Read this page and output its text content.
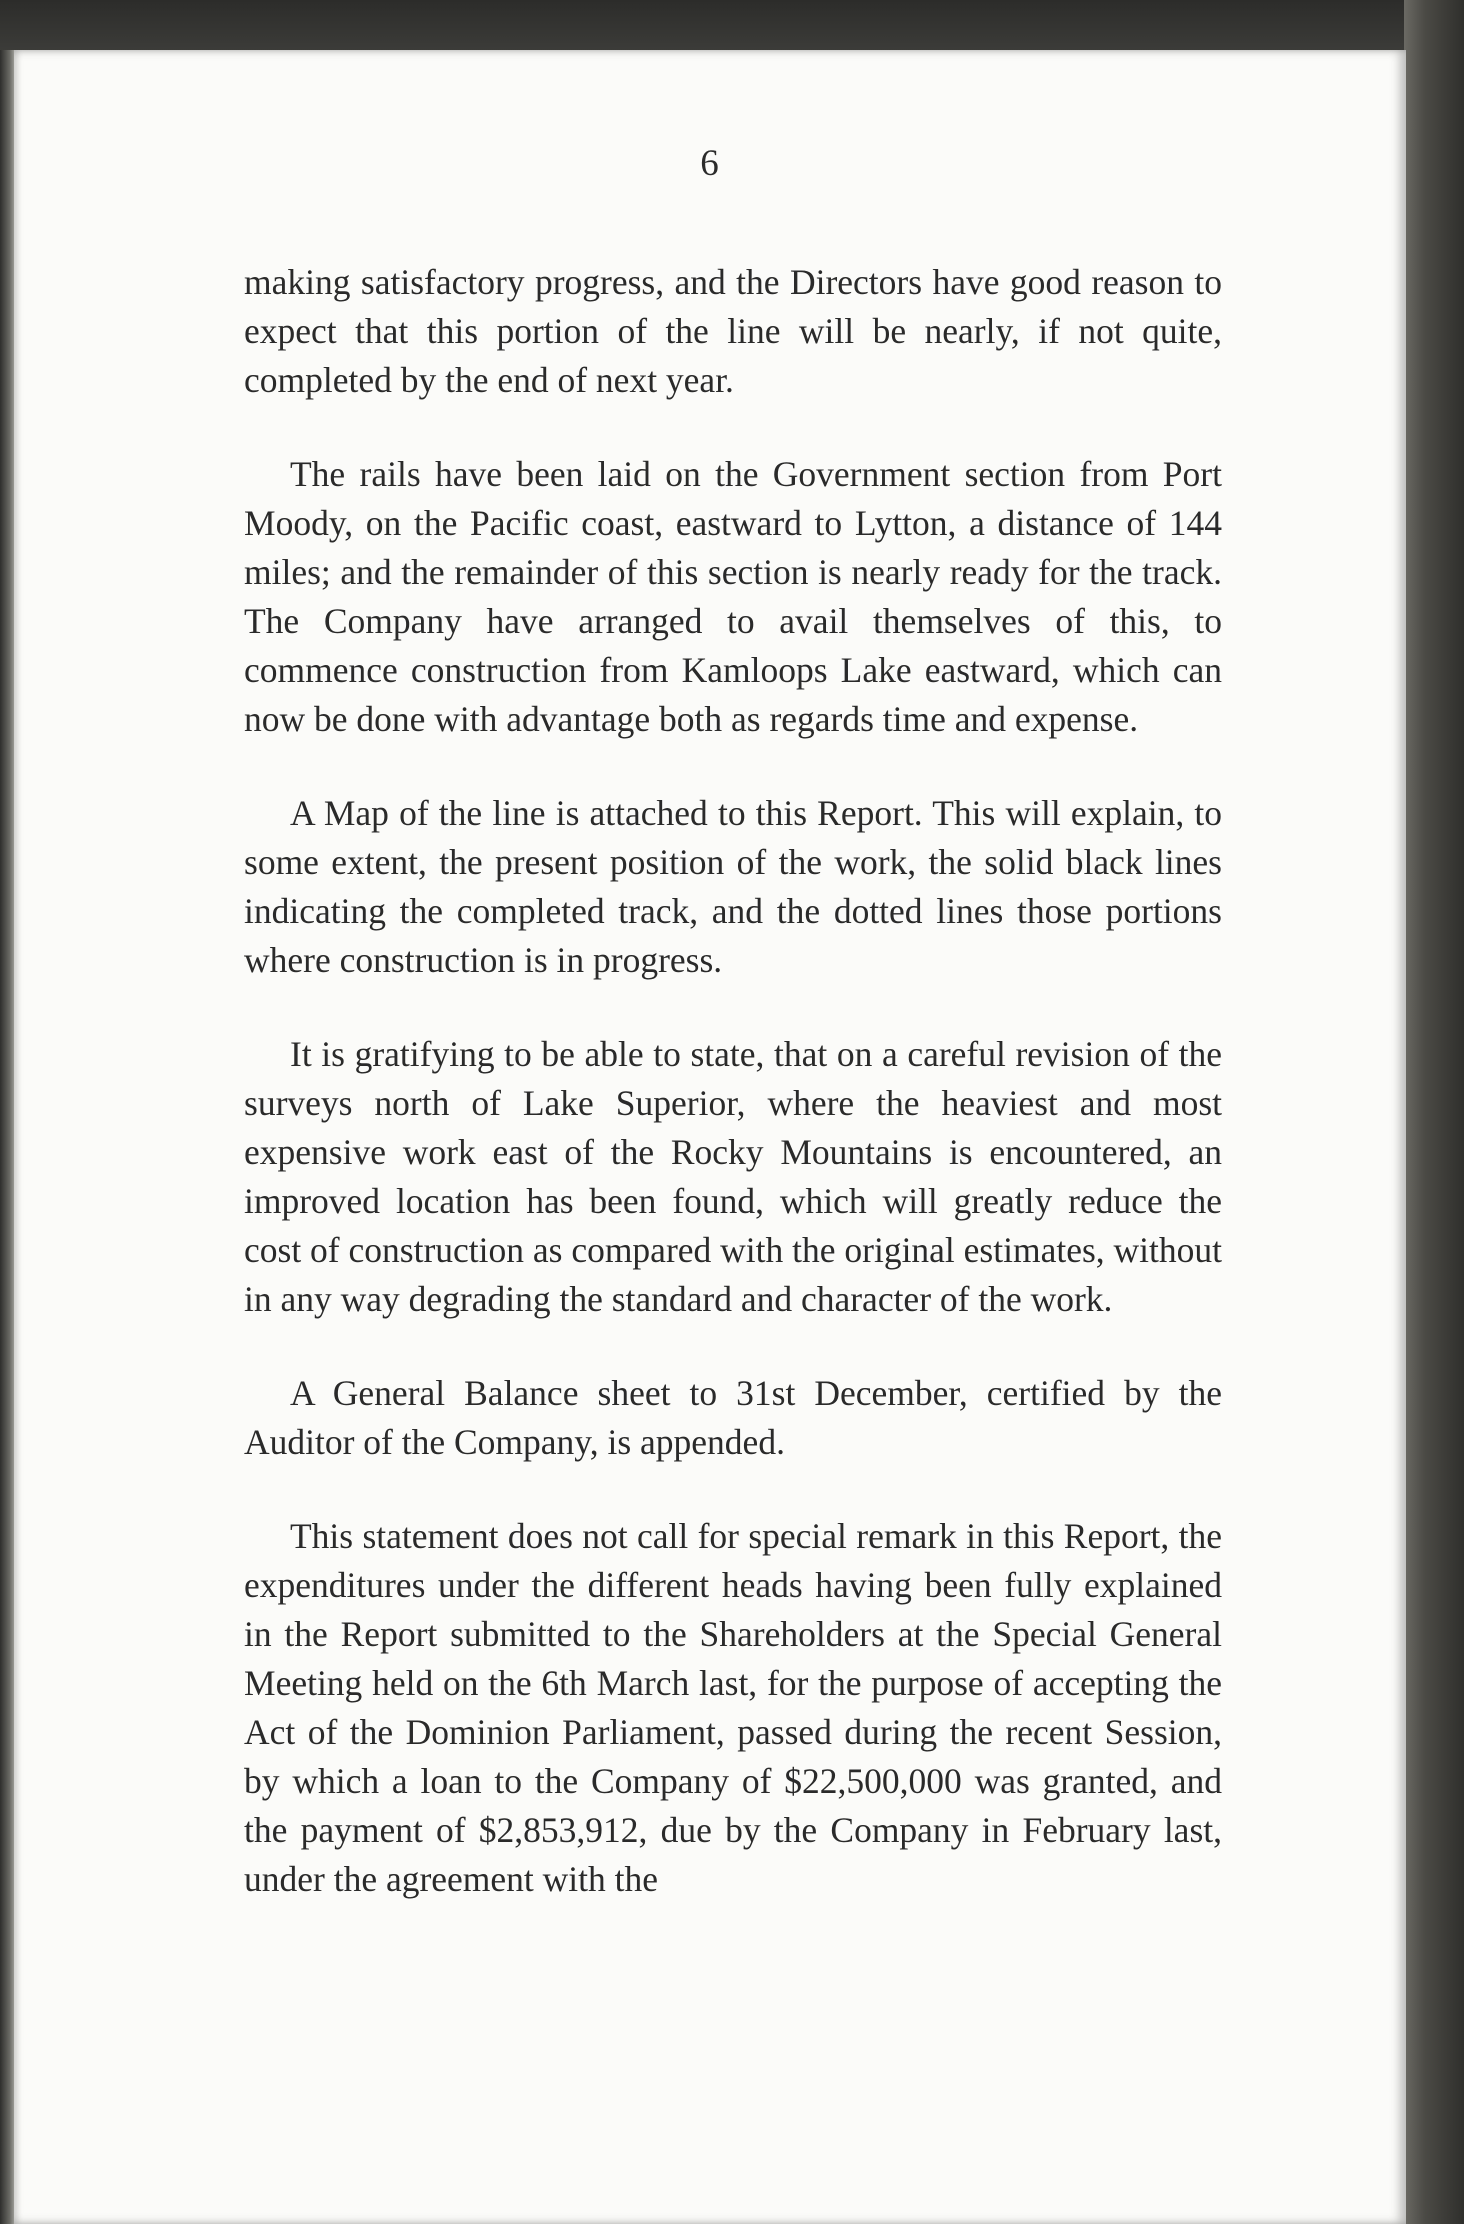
6

making satisfactory progress, and the Directors have good reason to expect that this portion of the line will be nearly, if not quite, completed by the end of next year.

The rails have been laid on the Government section from Port Moody, on the Pacific coast, eastward to Lytton, a distance of 144 miles; and the remainder of this section is nearly ready for the track. The Company have arranged to avail themselves of this, to commence construction from Kamloops Lake eastward, which can now be done with advantage both as regards time and expense.

A Map of the line is attached to this Report. This will explain, to some extent, the present position of the work, the solid black lines indicating the completed track, and the dotted lines those portions where construction is in progress.

It is gratifying to be able to state, that on a careful revision of the surveys north of Lake Superior, where the heaviest and most expensive work east of the Rocky Mountains is encountered, an improved location has been found, which will greatly reduce the cost of construction as compared with the original estimates, without in any way degrading the standard and character of the work.

A General Balance sheet to 31st December, certified by the Auditor of the Company, is appended.

This statement does not call for special remark in this Report, the expenditures under the different heads having been fully explained in the Report submitted to the Shareholders at the Special General Meeting held on the 6th March last, for the purpose of accepting the Act of the Dominion Parliament, passed during the recent Session, by which a loan to the Company of $22,500,000 was granted, and the payment of $2,853,912, due by the Company in February last, under the agreement with the
